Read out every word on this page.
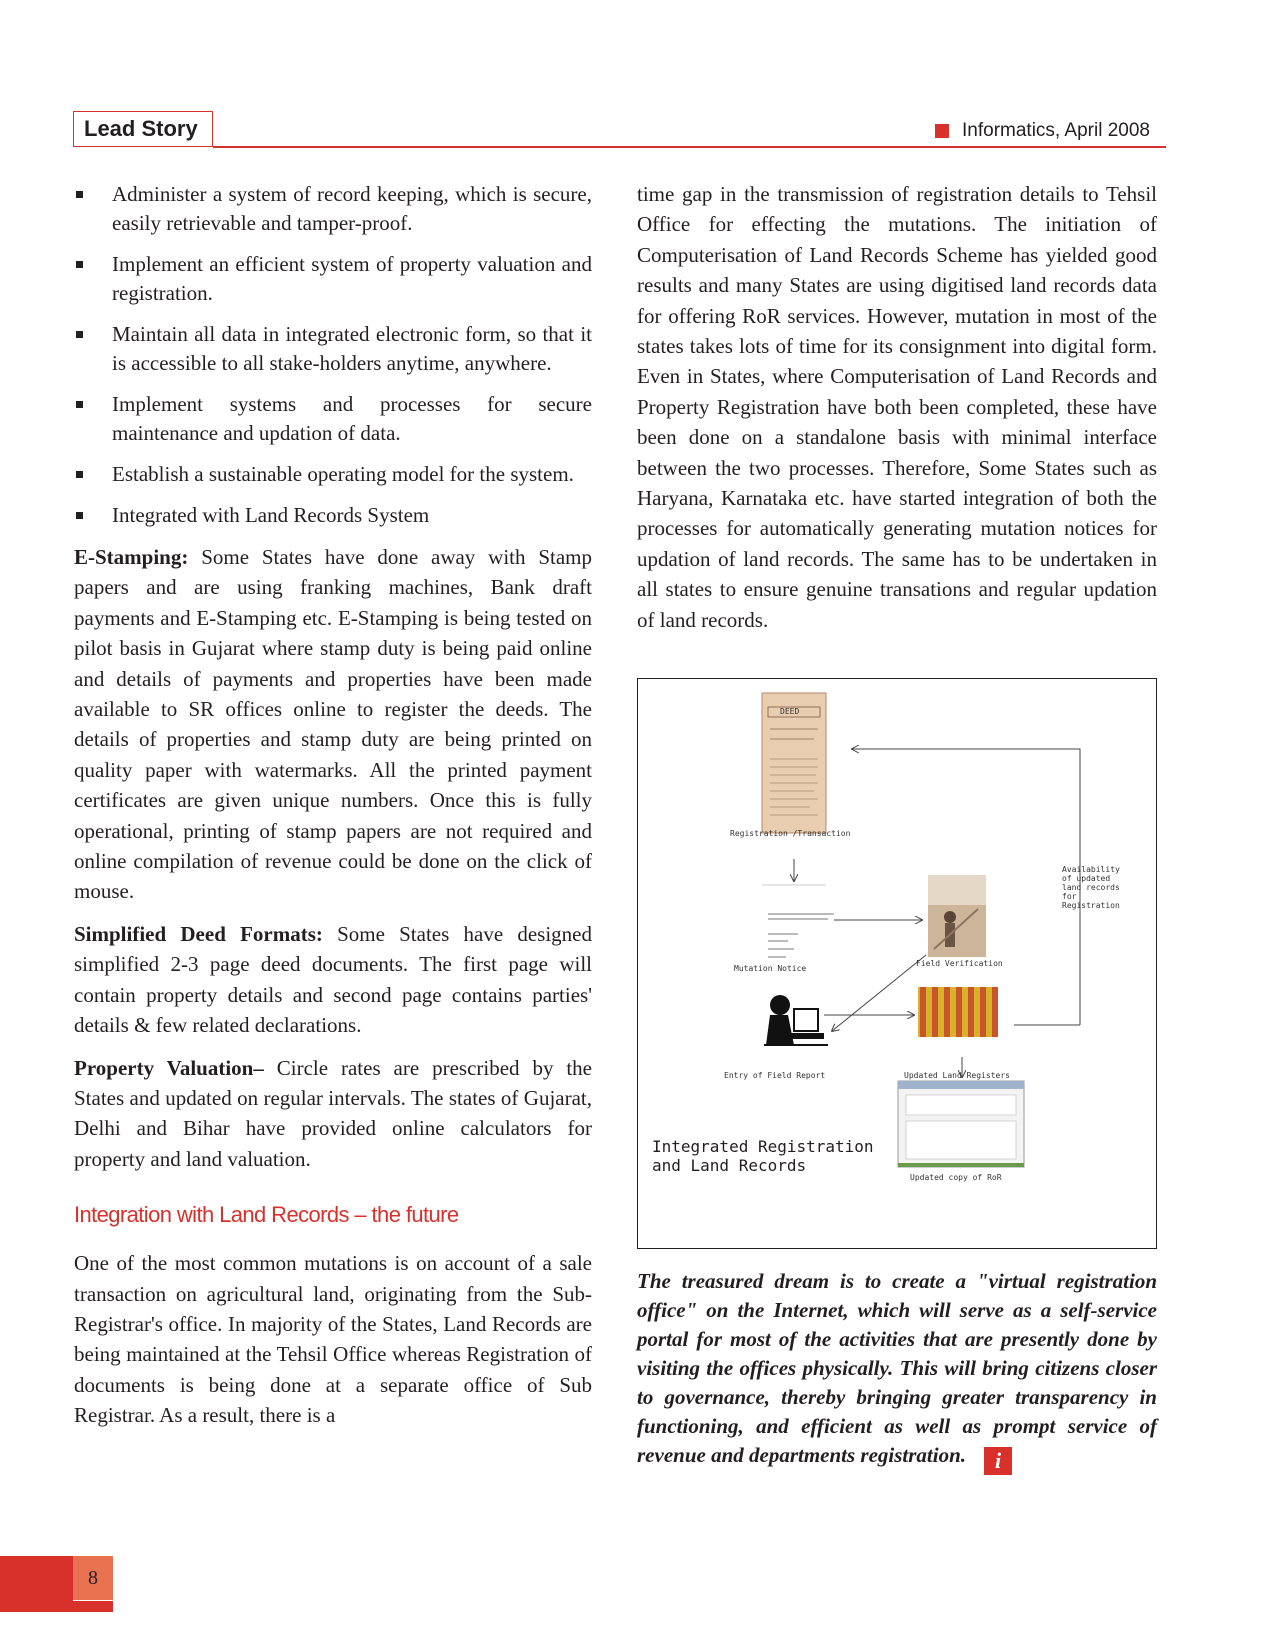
Lead Story	Informatics, April 2008
Administer a system of record keeping, which is secure, easily retrievable and tamper-proof.
Implement an efficient system of property valuation and registration.
Maintain all data in integrated electronic form, so that it is accessible to all stake-holders anytime, anywhere.
Implement systems and processes for secure maintenance and updation of data.
Establish a sustainable operating model for the system.
Integrated with Land Records System

E-Stamping: Some States have done away with Stamp papers and are using franking machines, Bank draft payments and E-Stamping etc. E-Stamping is being tested on pilot basis in Gujarat where stamp duty is being paid online and details of payments and properties have been made available to SR offices online to register the deeds. The details of properties and stamp duty are being printed on quality paper with watermarks. All the printed payment certificates are given unique numbers. Once this is fully operational, printing of stamp papers are not required and online compilation of revenue could be done on the click of mouse.

Simplified Deed Formats: Some States have designed simplified 2-3 page deed documents. The first page will contain property details and second page contains parties' details & few related declarations.

Property Valuation– Circle rates are prescribed by the States and updated on regular intervals. The states of Gujarat, Delhi and Bihar have provided online calculators for property and land valuation.

Integration with Land Records – the future

One of the most common mutations is on account of a sale transaction on agricultural land, originating from the Sub-Registrar's office. In majority of the States, Land Records are being maintained at the Tehsil Office whereas Registration of documents is being done at a separate office of Sub Registrar. As a result, there is a

time gap in the transmission of registration details to Tehsil Office for effecting the mutations. The initiation of Computerisation of Land Records Scheme has yielded good results and many States are using digitised land records data for offering RoR services. However, mutation in most of the states takes lots of time for its consignment into digital form. Even in States, where Computerisation of Land Records and Property Registration have both been completed, these have been done on a standalone basis with minimal interface between the two processes. Therefore, Some States such as Haryana, Karnataka etc. have started integration of both the processes for automatically generating mutation notices for updation of land records. The same has to be undertaken in all states to ensure genuine transations and regular updation of land records.

DEED
Registration /Transaction
Availability of updated land records for Registration
Mutation Notice
Field Verification
Entry of Field Report	Updated Land Registers
Updated copy of RoR
Integrated Registration and Land Records
The treasured dream is to create a "virtual registration office" on the Internet, which will serve as a self-service portal for most of the activities that are presently done by visiting the offices physically. This will bring citizens closer to governance, thereby bringing greater transparency in functioning, and efficient as well as prompt service of revenue and departments registration. i
8
